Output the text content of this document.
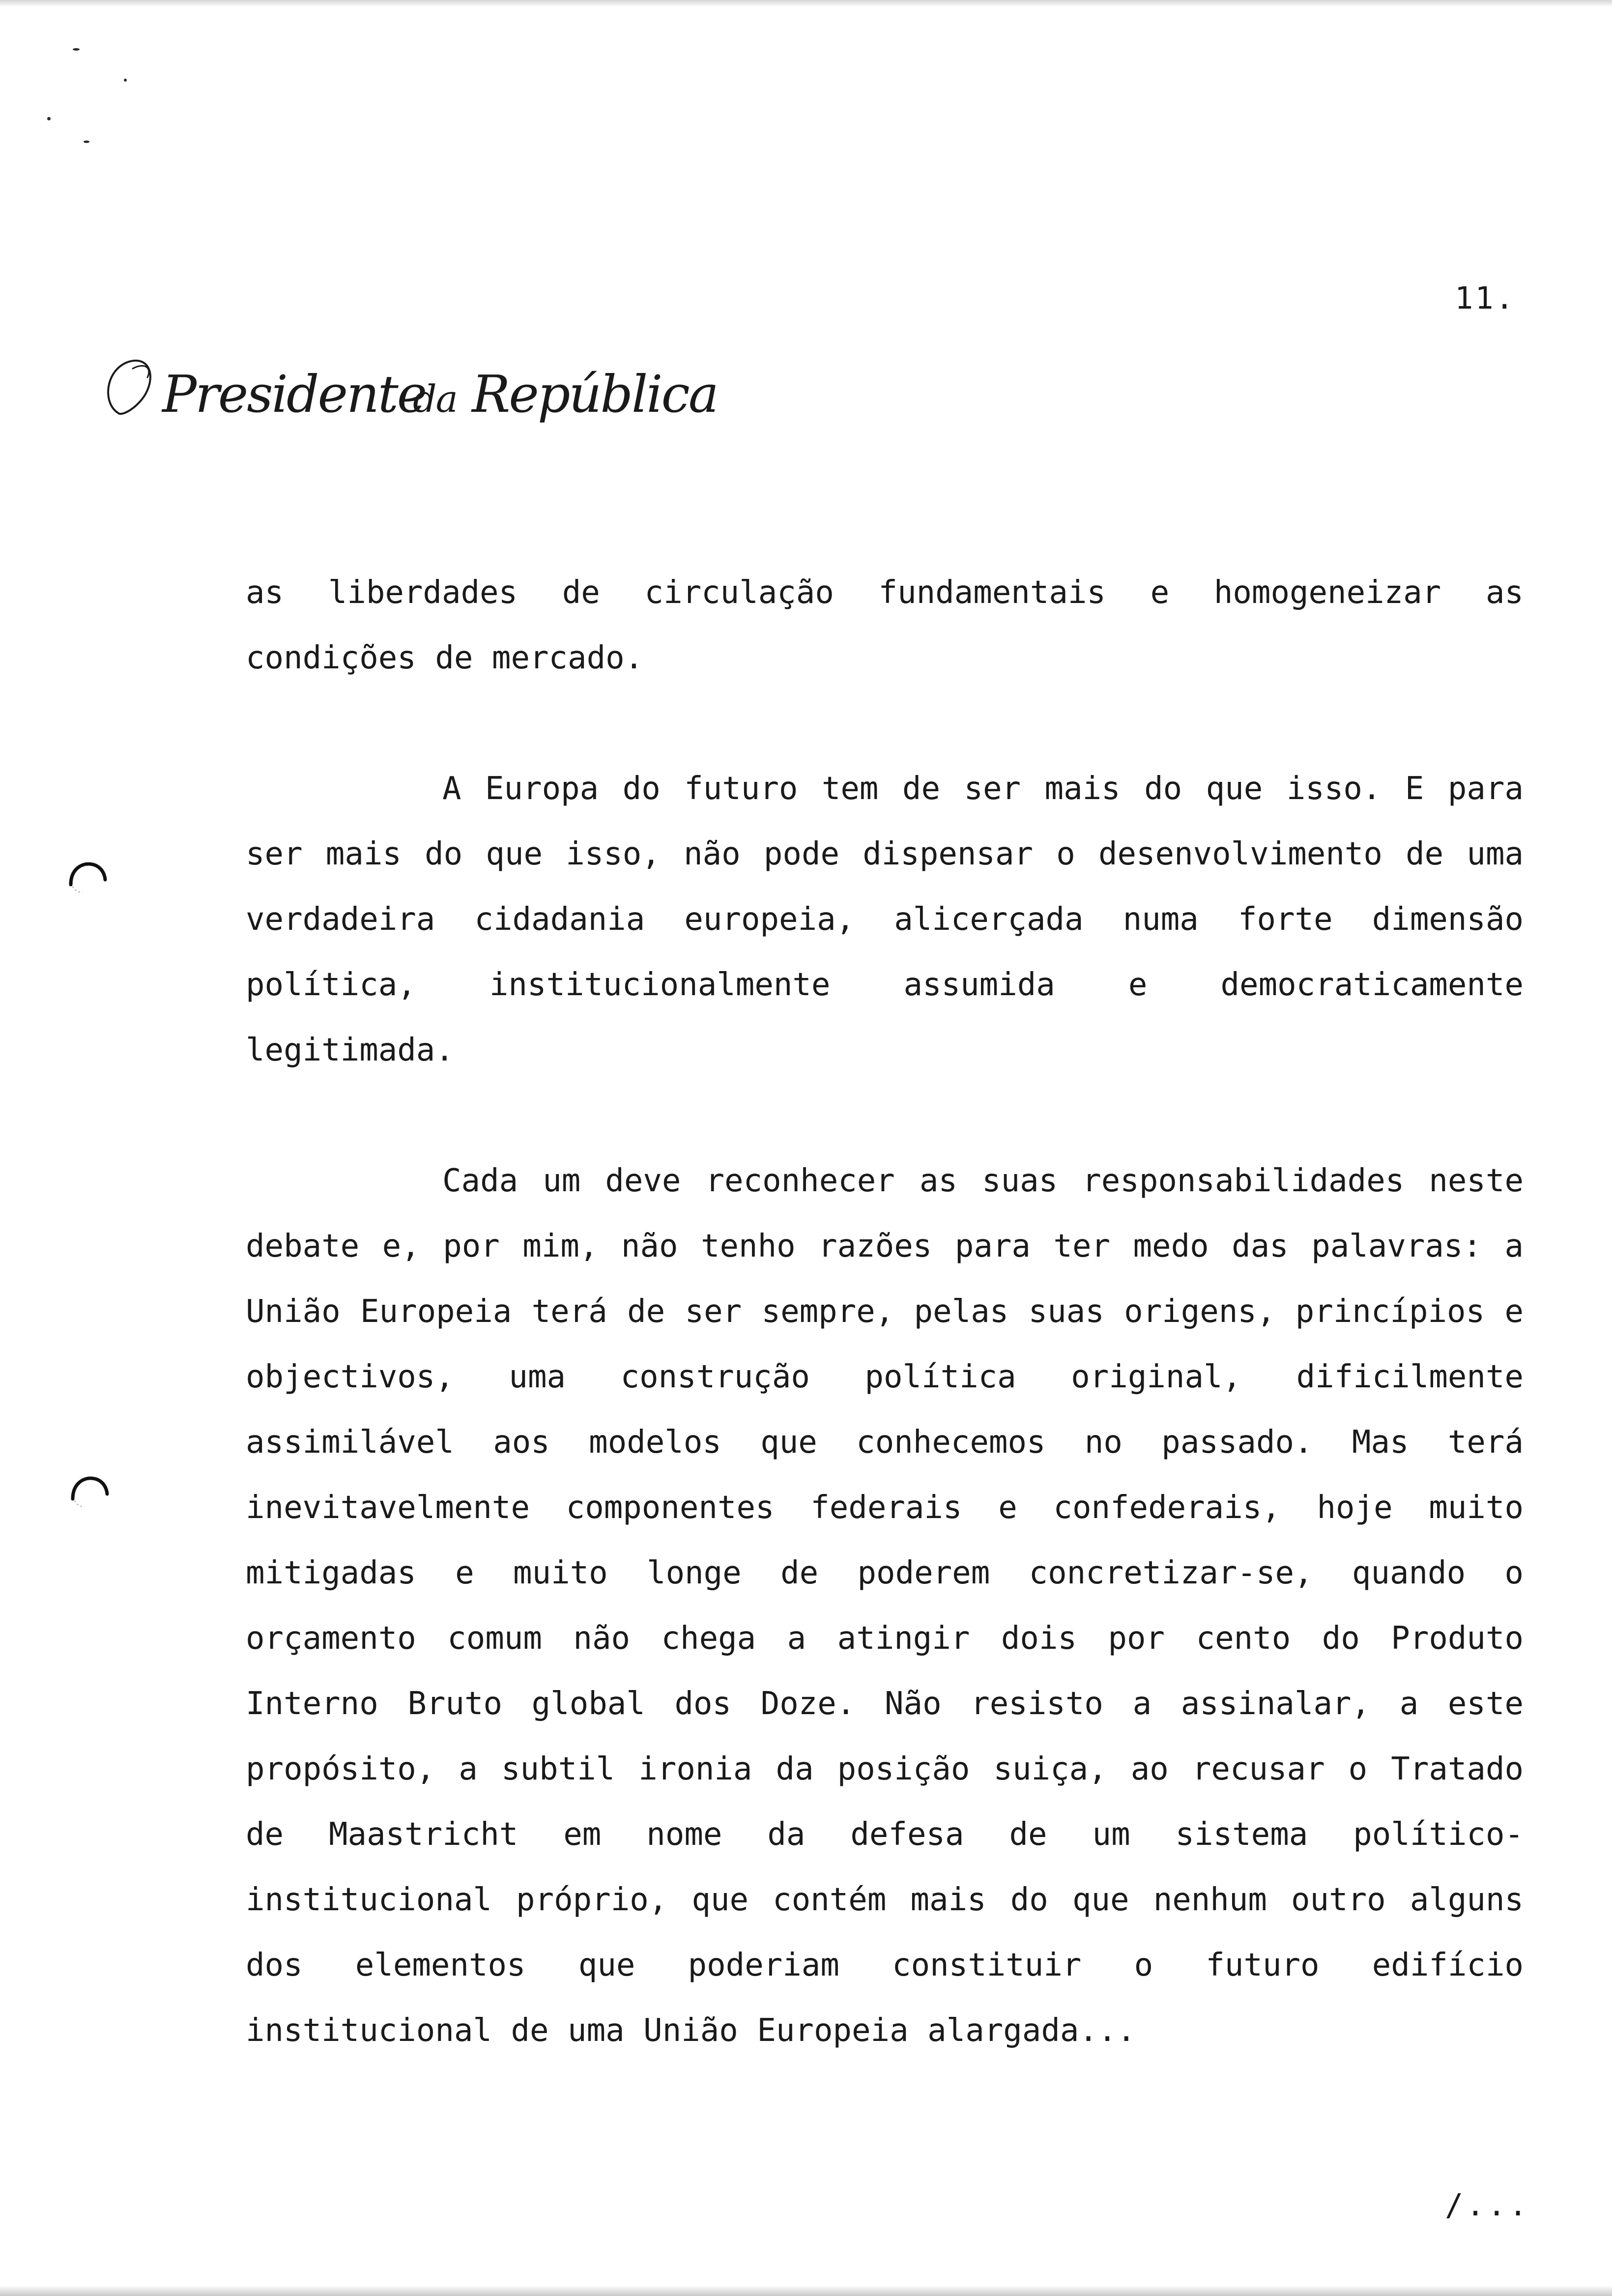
11.
Presidente
da República

as liberdades de circulação fundamentais e homogeneizar as condições de mercado.

A Europa do futuro tem de ser mais do que isso. E para ser mais do que isso, não pode dispensar o desenvolvimento de uma verdadeira cidadania europeia, alicerçada numa forte dimensão política, institucionalmente assumida e democraticamente legitimada.

Cada um deve reconhecer as suas responsabilidades neste debate e, por mim, não tenho razões para ter medo das palavras: a União Europeia terá de ser sempre, pelas suas origens, princípios e objectivos, uma construção política original, dificilmente assimilável aos modelos que conhecemos no passado. Mas terá inevitavelmente componentes federais e confederais, hoje muito mitigadas e muito longe de poderem concretizar-se, quando o orçamento comum não chega a atingir dois por cento do Produto Interno Bruto global dos Doze. Não resisto a assinalar, a este propósito, a subtil ironia da posição suiça, ao recusar o Tratado de Maastricht em nome da defesa de um sistema político-institucional próprio, que contém mais do que nenhum outro alguns dos elementos que poderiam constituir o futuro edifício institucional de uma União Europeia alargada...

/...
